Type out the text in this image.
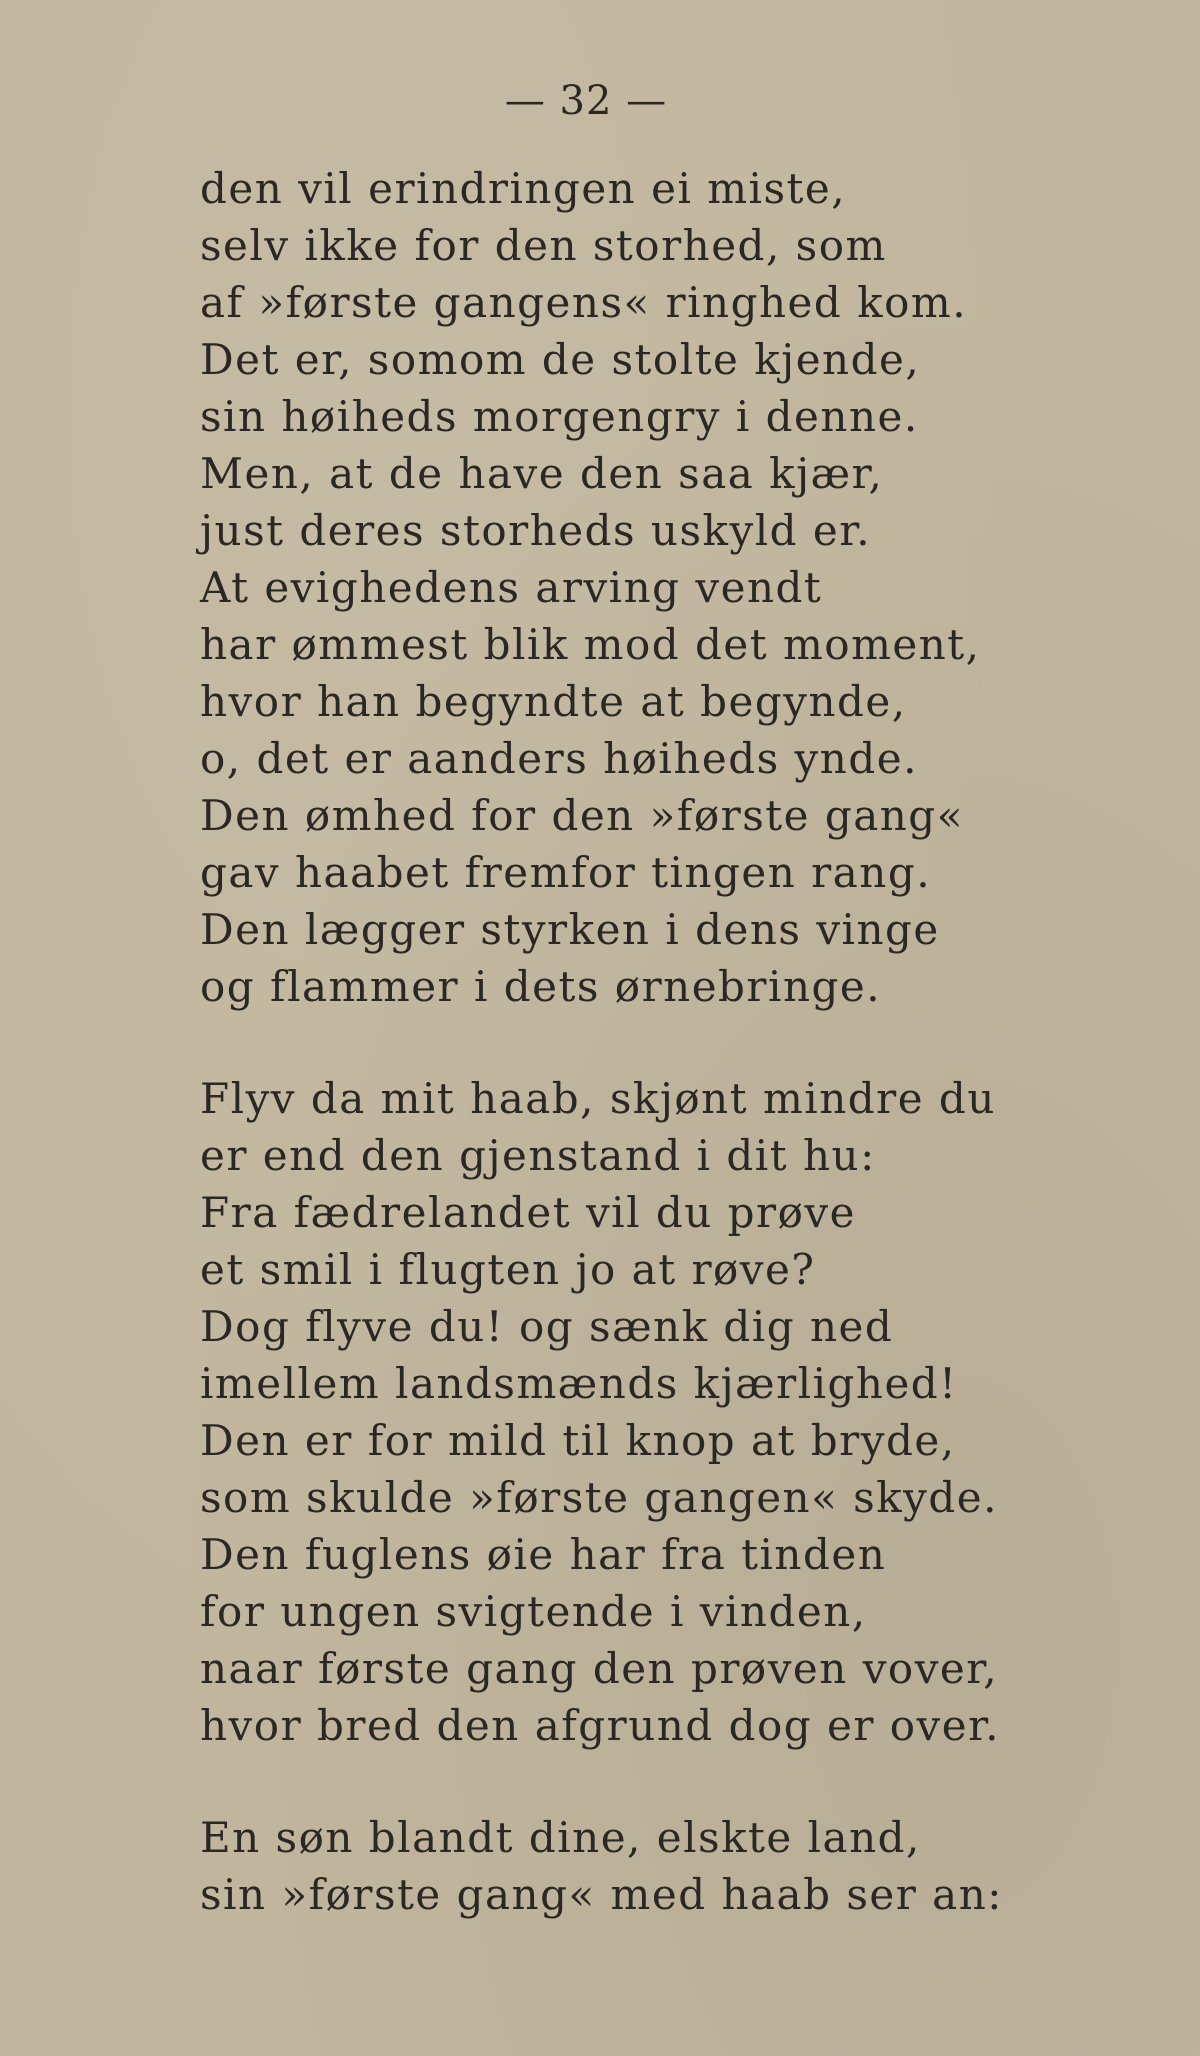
— 32 —
den vil erindringen ei miste,
selv ikke for den storhed, som
af »første gangens« ringhed kom.
Det er, somom de stolte kjende,
sin høiheds morgengry i denne.
Men, at de have den saa kjær,
just deres storheds uskyld er.
At evighedens arving vendt
har ømmest blik mod det moment,
hvor han begyndte at begynde,
o, det er aanders høiheds ynde.
Den ømhed for den »første gang«
gav haabet fremfor tingen rang.
Den lægger styrken i dens vinge
og flammer i dets ørnebringe.
Flyv da mit haab, skjønt mindre du
er end den gjenstand i dit hu:
Fra fædrelandet vil du prøve
et smil i flugten jo at røve?
Dog flyve du! og sænk dig ned
imellem landsmænds kjærlighed!
Den er for mild til knop at bryde,
som skulde »første gangen« skyde.
Den fuglens øie har fra tinden
for ungen svigtende i vinden,
naar første gang den prøven vover,
hvor bred den afgrund dog er over.
En søn blandt dine, elskte land,
sin »første gang« med haab ser an:
